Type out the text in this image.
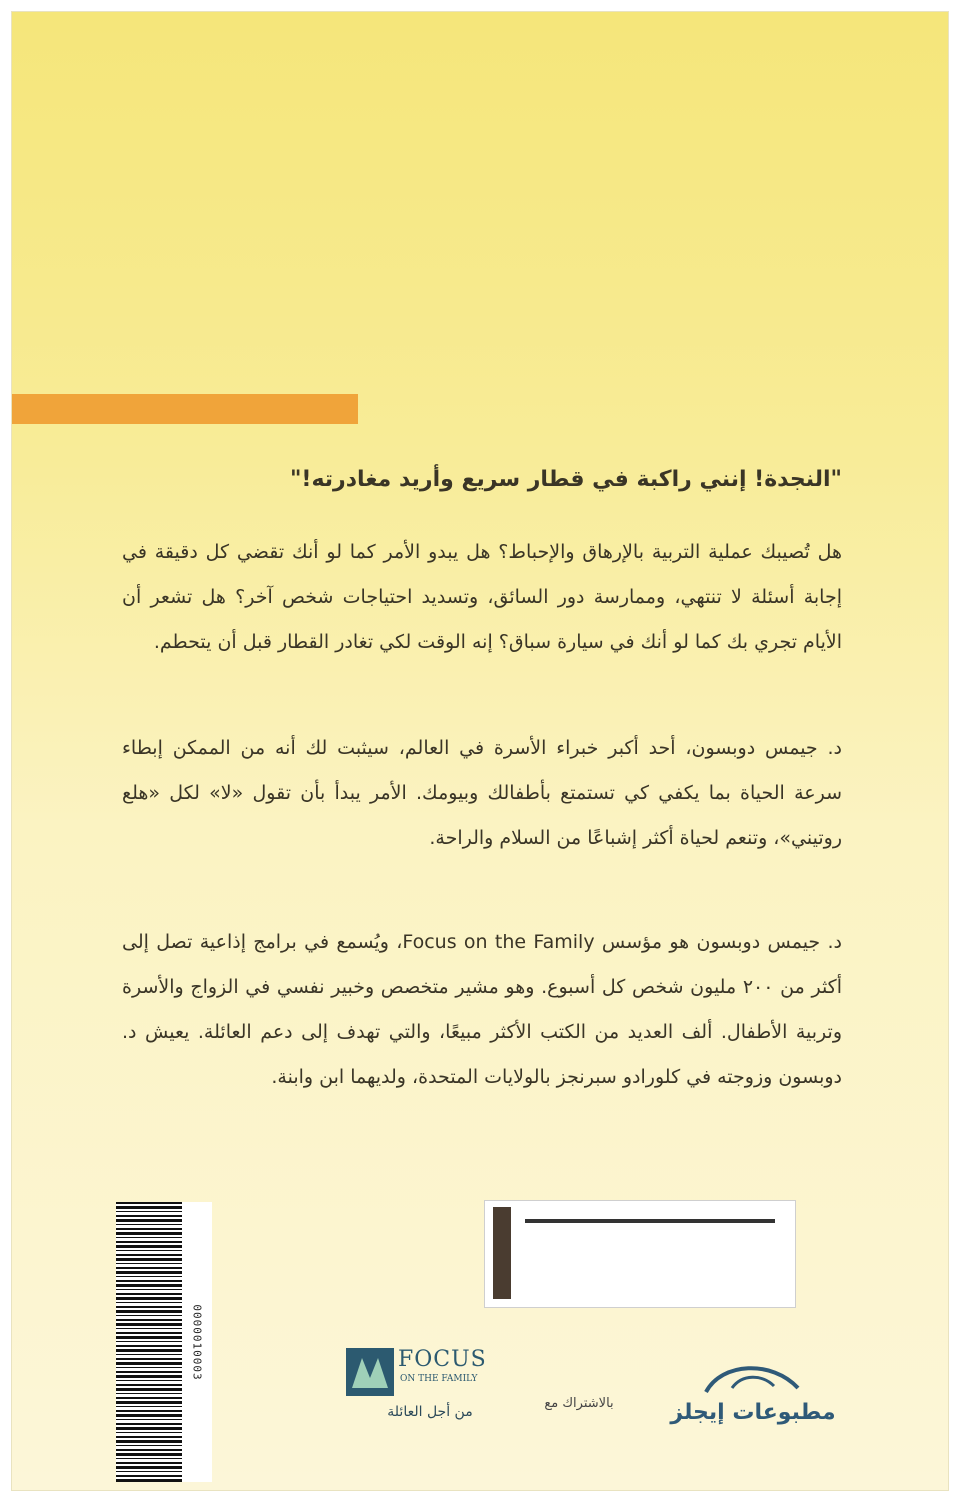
"النجدة! إنني راكبة في قطار سريع وأريد مغادرته!"
هل تُصيبك عملية التربية بالإرهاق والإحباط؟ هل يبدو الأمر كما لو أنك تقضي كل دقيقة في إجابة أسئلة لا تنتهي، وممارسة دور السائق، وتسديد احتياجات شخص آخر؟ هل تشعر أن الأيام تجري بك كما لو أنك في سيارة سباق؟ إنه الوقت لكي تغادر القطار قبل أن يتحطم.
د. جيمس دوبسون، أحد أكبر خبراء الأسرة في العالم، سيثبت لك أنه من الممكن إبطاء سرعة الحياة بما يكفي كي تستمتع بأطفالك وبيومك. الأمر يبدأ بأن تقول «لا» لكل «هلع روتيني»، وتنعم لحياة أكثر إشباعًا من السلام والراحة.
د. جيمس دوبسون هو مؤسس Focus on the Family، ويُسمع في برامج إذاعية تصل إلى أكثر من ٢٠٠ مليون شخص كل أسبوع. وهو مشير متخصص وخبير نفسي في الزواج والأسرة وتربية الأطفال. ألف العديد من الكتب الأكثر مبيعًا، والتي تهدف إلى دعم العائلة. يعيش د. دوبسون وزوجته في كلورادو سبرنجز بالولايات المتحدة، ولديهما ابن وابنة.
0000010003	FOCUS
ON THE FAMILY
من أجل العائلة
بالاشتراك مع	مطبوعات إيجلز
